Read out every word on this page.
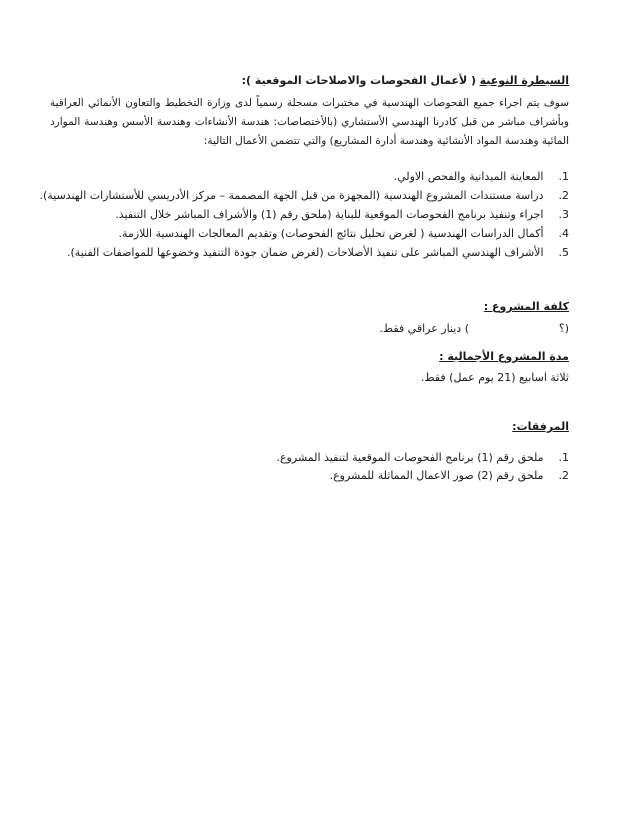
السيطرة النوعية ( لأعمال الفحوصات والاصلاحات الموقعية ):
سوف يتم اجراء جميع الفحوصات الهندسية في مختبرات مسجلة رسمياً لدى وزارة التخطيط والتعاون الأنمائي العراقية
وبأشراف مباشر من قبل كادرنا الهندسي الأستشاري (بالأختصاصات: هندسة الأنشاءات وهندسة الأسس وهندسة الموارد
المائية وهندسة المواد الأنشائية وهندسة أدارة المشاريع) والتي تتضمن الأعمال التالية:
1. المعاينة الميدانية والفحص الاولي.
2. دراسة مستندات المشروع الهندسية (المجهزة من قبل الجهة المصممة – مركز الأدريسي للأستشارات الهندسية).
3. اجراء وتنفيذ برنامج الفحوصات الموقعية للبناية (ملحق رقم (1) والأشراف المباشر خلال التنفيذ.
4. أكمال الدراسات الهندسية ( لغرض تحليل نتائج الفحوصات) وتقديم المعالجات الهندسية اللازمة.
5. الأشراف الهندسي المباشر على تنفيذ الأصلاحات (لغرض ضمان جودة التنفيذ وخضوعها للمواصفات الفنية).
كلفة المشروع :
(؟
) دينار عراقي فقط.
مدة المشروع الأجمالية :
ثلاثة اسابيع (21 يوم عمل) فقط.
المرفقات:
1. ملحق رقم (1) برنامج الفحوصات الموقعية لتنفيذ المشروع.
2. ملحق رقم (2) صور الاعمال المماثلة للمشروع.
